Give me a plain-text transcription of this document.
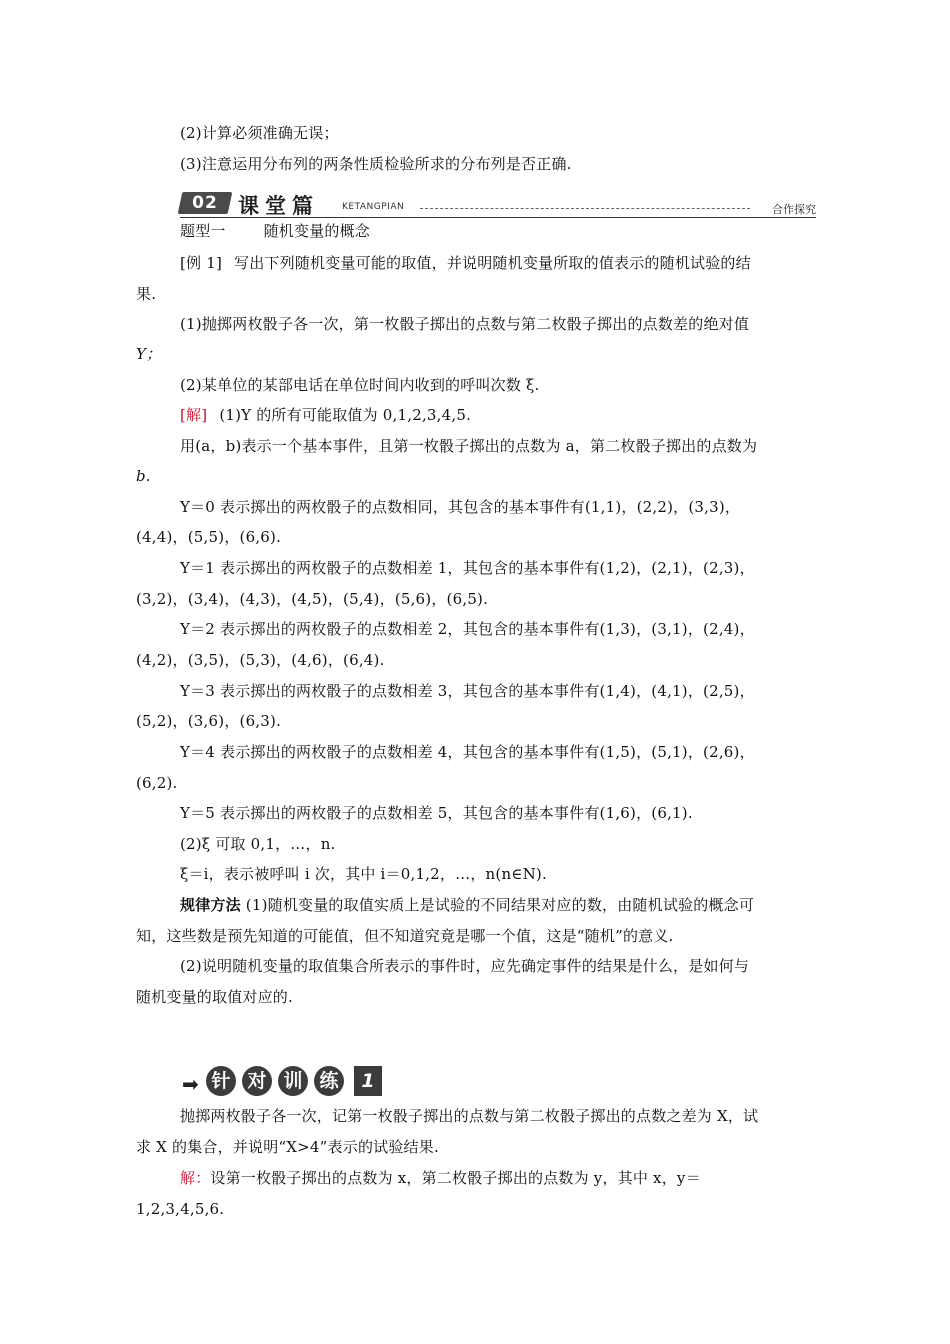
(2)计算必须准确无误；
(3)注意运用分布列的两条性质检验所求的分布列是否正确.
02 课堂篇	KETANGPIAN	合作探究
题型一	随机变量的概念
[例 1] 写出下列随机变量可能的取值，并说明随机变量所取的值表示的随机试验的结
果.
(1)抛掷两枚骰子各一次，第一枚骰子掷出的点数与第二枚骰子掷出的点数差的绝对值
Y；
(2)某单位的某部电话在单位时间内收到的呼叫次数 ξ.
[解] (1)Y 的所有可能取值为 0,1,2,3,4,5.
用(a，b)表示一个基本事件，且第一枚骰子掷出的点数为 a，第二枚骰子掷出的点数为
b.
Y＝0 表示掷出的两枚骰子的点数相同，其包含的基本事件有(1,1)，(2,2)，(3,3)，
(4,4)，(5,5)，(6,6).
Y＝1 表示掷出的两枚骰子的点数相差 1，其包含的基本事件有(1,2)，(2,1)，(2,3)，
(3,2)，(3,4)，(4,3)，(4,5)，(5,4)，(5,6)，(6,5).
Y＝2 表示掷出的两枚骰子的点数相差 2，其包含的基本事件有(1,3)，(3,1)，(2,4)，
(4,2)，(3,5)，(5,3)，(4,6)，(6,4).
Y＝3 表示掷出的两枚骰子的点数相差 3，其包含的基本事件有(1,4)，(4,1)，(2,5)，
(5,2)，(3,6)，(6,3).
Y＝4 表示掷出的两枚骰子的点数相差 4，其包含的基本事件有(1,5)，(5,1)，(2,6)，
(6,2).
Y＝5 表示掷出的两枚骰子的点数相差 5，其包含的基本事件有(1,6)，(6,1).
(2)ξ 可取 0,1，…，n.
ξ＝i，表示被呼叫 i 次，其中 i＝0,1,2，…，n(n∈N).
规律方法 (1)随机变量的取值实质上是试验的不同结果对应的数，由随机试验的概念可
知，这些数是预先知道的可能值，但不知道究竟是哪一个值，这是“随机”的意义.
(2)说明随机变量的取值集合所表示的事件时，应先确定事件的结果是什么，是如何与
随机变量的取值对应的.
抛掷两枚骰子各一次，记第一枚骰子掷出的点数与第二枚骰子掷出的点数之差为 X，试
求 X 的集合，并说明“X>4”表示的试验结果.
解：设第一枚骰子掷出的点数为 x，第二枚骰子掷出的点数为 y，其中 x，y＝
1,2,3,4,5,6.
➡ 针 对 训 练	1
